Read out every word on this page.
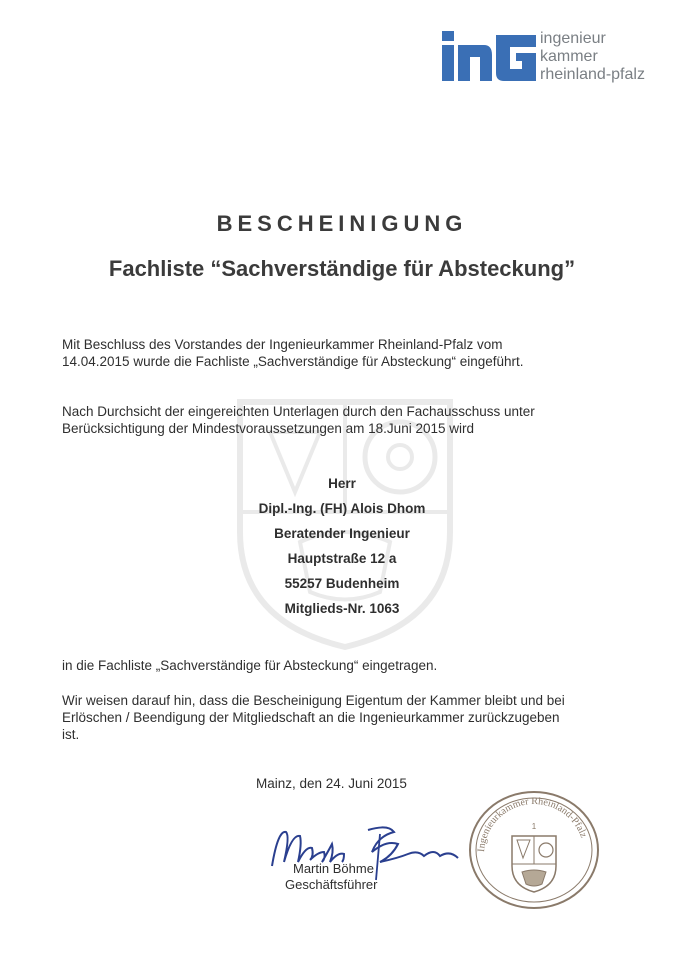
ingenieur
kammer
rheinland-pfalz
BESCHEINIGUNG
Fachliste “Sachverständige für Absteckung”
Mit Beschluss des Vorstandes der Ingenieurkammer Rheinland-Pfalz vom
14.04.2015 wurde die Fachliste „Sachverständige für Absteckung“ eingeführt.
Nach Durchsicht der eingereichten Unterlagen durch den Fachausschuss unter
Berücksichtigung der Mindestvoraussetzungen am 18.Juni 2015 wird
Herr
Dipl.-Ing. (FH) Alois Dhom
Beratender Ingenieur
Hauptstraße 12 a
55257 Budenheim
Mitglieds-Nr. 1063
in die Fachliste „Sachverständige für Absteckung“ eingetragen.
Wir weisen darauf hin, dass die Bescheinigung Eigentum der Kammer bleibt und bei
Erlöschen / Beendigung der Mitgliedschaft an die Ingenieurkammer zurückzugeben
ist.
Mainz, den 24. Juni 2015
Martin Böhme
Geschäftsführer
Ingenieurkammer Rheinland-Pfalz
1
